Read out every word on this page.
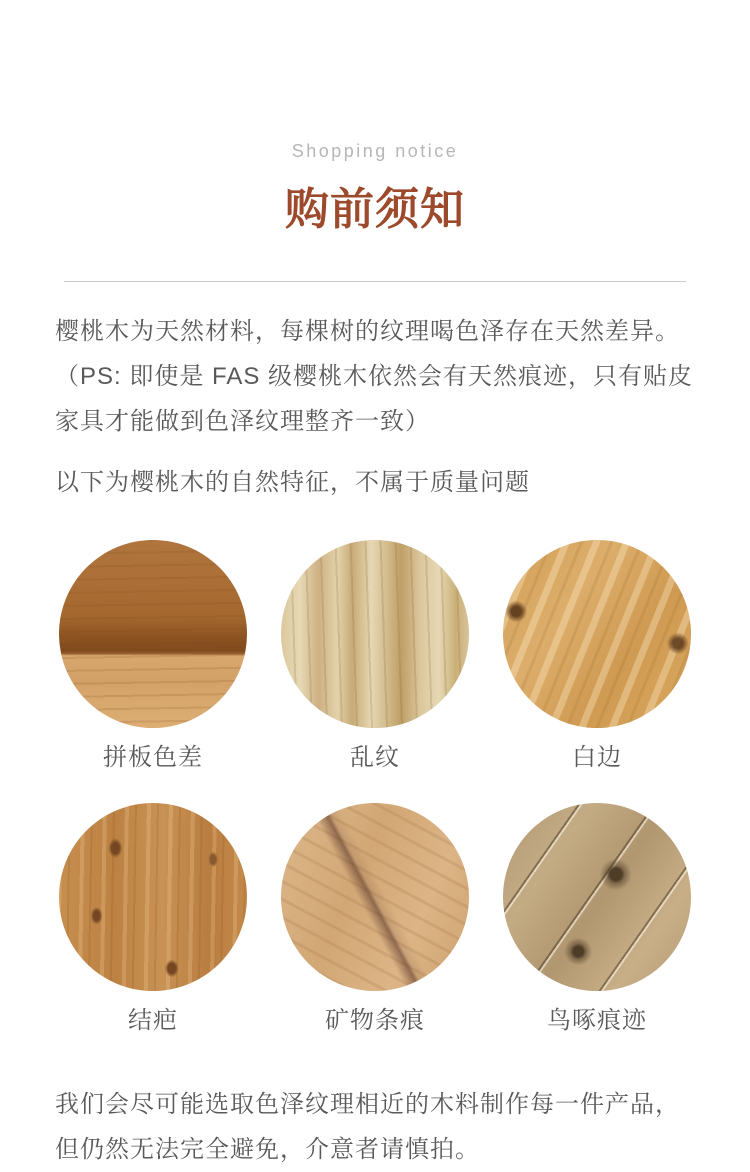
Shopping notice
购前须知
樱桃木为天然材料，每棵树的纹理喝色泽存在天然差异。
（PS: 即使是 FAS 级樱桃木依然会有天然痕迹，只有贴皮
家具才能做到色泽纹理整齐一致）
以下为樱桃木的自然特征，不属于质量问题
拼板色差	乱纹	白边
结疤	矿物条痕	鸟啄痕迹
我们会尽可能选取色泽纹理相近的木料制作每一件产品，
但仍然无法完全避免，介意者请慎拍。
